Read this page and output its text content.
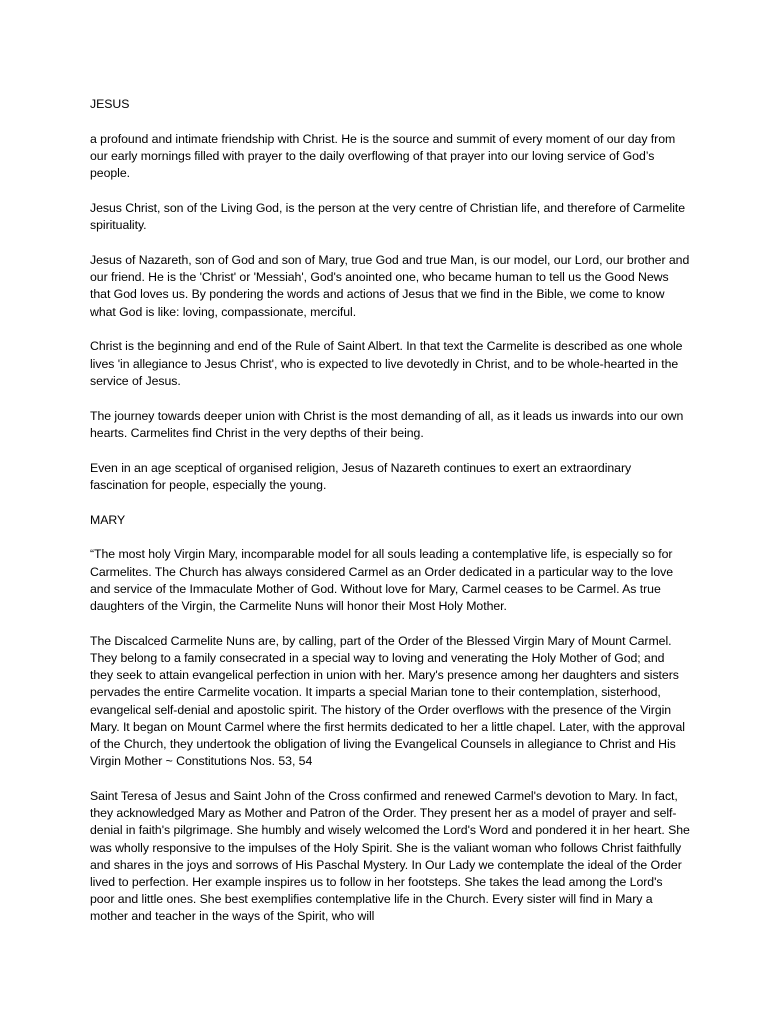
JESUS
a profound and intimate friendship with Christ. He is the source and summit of every moment of our day from our early mornings filled with prayer to the daily overflowing of that prayer into our loving service of God’s people.
Jesus Christ, son of the Living God, is the person at the very centre of Christian life, and therefore of Carmelite spirituality.
Jesus of Nazareth, son of God and son of Mary, true God and true Man, is our model, our Lord, our brother and our friend. He is the 'Christ' or 'Messiah', God's anointed one, who became human to tell us the Good News that God loves us. By pondering the words and actions of Jesus that we find in the Bible, we come to know what God is like: loving, compassionate, merciful.
Christ is the beginning and end of the Rule of Saint Albert. In that text the Carmelite is described as one whole lives 'in allegiance to Jesus Christ', who is expected to live devotedly in Christ, and to be whole-hearted in the service of Jesus.
The journey towards deeper union with Christ is the most demanding of all, as it leads us inwards into our own hearts. Carmelites find Christ in the very depths of their being.
Even in an age sceptical of organised religion, Jesus of Nazareth continues to exert an extraordinary fascination for people, especially the young.
MARY
“The most holy Virgin Mary, incomparable model for all souls leading a contemplative life, is especially so for Carmelites. The Church has always considered Carmel as an Order dedicated in a particular way to the love and service of the Immaculate Mother of God. Without love for Mary, Carmel ceases to be Carmel. As true daughters of the Virgin, the Carmelite Nuns will honor their Most Holy Mother.
The Discalced Carmelite Nuns are, by calling, part of the Order of the Blessed Virgin Mary of Mount Carmel. They belong to a family consecrated in a special way to loving and venerating the Holy Mother of God; and they seek to attain evangelical perfection in union with her. Mary's presence among her daughters and sisters pervades the entire Carmelite vocation. It imparts a special Marian tone to their contemplation, sisterhood, evangelical self-denial and apostolic spirit. The history of the Order overflows with the presence of the Virgin Mary. It began on Mount Carmel where the first hermits dedicated to her a little chapel. Later, with the approval of the Church, they undertook the obligation of living the Evangelical Counsels in allegiance to Christ and His Virgin Mother ~ Constitutions Nos. 53, 54
Saint Teresa of Jesus and Saint John of the Cross confirmed and renewed Carmel's devotion to Mary. In fact, they acknowledged Mary as Mother and Patron of the Order. They present her as a model of prayer and self-denial in faith's pilgrimage. She humbly and wisely welcomed the Lord's Word and pondered it in her heart. She was wholly responsive to the impulses of the Holy Spirit. She is the valiant woman who follows Christ faithfully and shares in the joys and sorrows of His Paschal Mystery. In Our Lady we contemplate the ideal of the Order lived to perfection. Her example inspires us to follow in her footsteps. She takes the lead among the Lord's poor and little ones. She best exemplifies contemplative life in the Church. Every sister will find in Mary a mother and teacher in the ways of the Spirit, who will
